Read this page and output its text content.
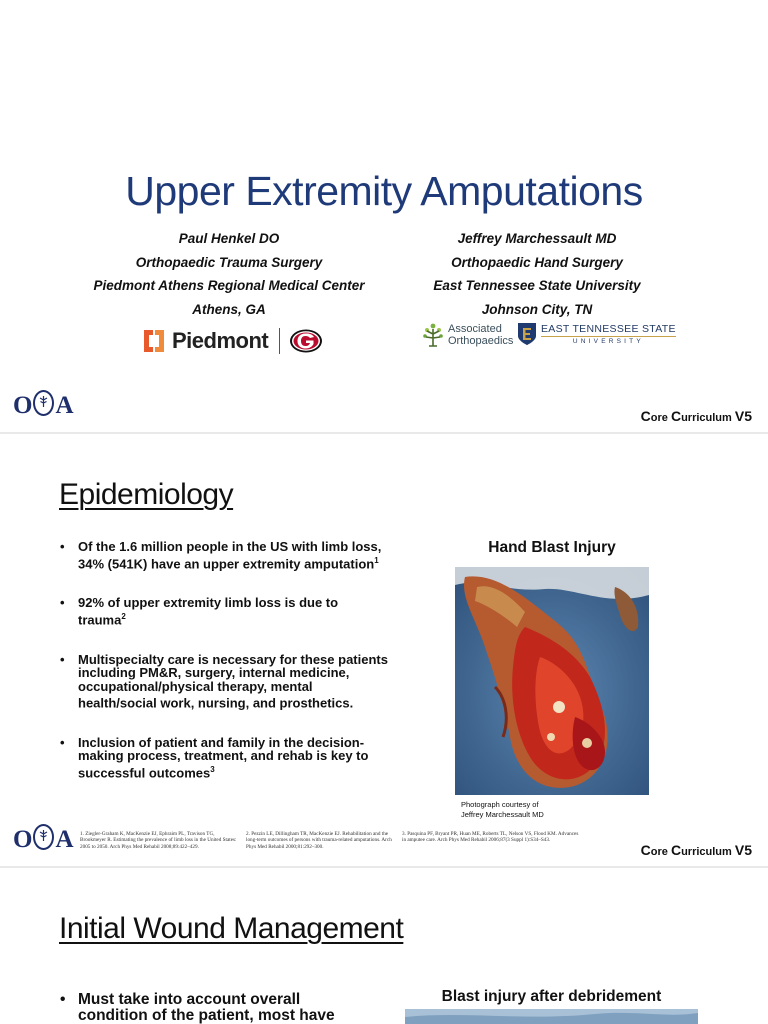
Upper Extremity Amputations
Paul Henkel DO
Orthopaedic Trauma Surgery
Piedmont Athens Regional Medical Center
Athens, GA
Jeffrey Marchessault MD
Orthopaedic Hand Surgery
East Tennessee State University
Johnson City, TN
Piedmont	Associated
Orthopaedics
EAST TENNESSEE STATE
UNIVERSITY
O A	Core Curriculum V5
Epidemiology
• Of the 1.6 million people in the US with limb loss, 34% (541K) have an upper extremity amputation$^1$
• 92% of upper extremity limb loss is due to trauma$^2$
• Multispecialty care is necessary for these patients including PM&R, surgery, internal medicine, occupational/physical therapy, mental health/social work, nursing, and prosthetics.
• Inclusion of patient and family in the decision-making process, treatment, and rehab is key to successful outcomes$^3$
Hand Blast Injury
Photograph courtesy of
Jeffrey Marchessault MD
O A 1. Ziegler-Graham K, MacKenzie EJ, Ephraim PL, Travison TG, Brookmeyer R. Estimating the prevalence of limb loss in the United States: 2005 to 2050. Arch Phys Med Rehabil 2008;89:422–429.
2. Pezzin LE, Dillingham TR, MacKenzie EJ. Rehabilitation and the long-term outcomes of persons with trauma-related amputations. Arch Phys Med Rehabil 2000;81:292–300.
3. Pasquina PF, Bryant PR, Huan ME, Roberts TL, Nelson VS, Flood KM. Advances in amputee care. Arch Phys Med Rehabil 2006;87(3 Suppl 1):S34–S43.
Core Curriculum V5
Initial Wound Management
• Must take into account overall condition of the patient, most have
Blast injury after debridement
